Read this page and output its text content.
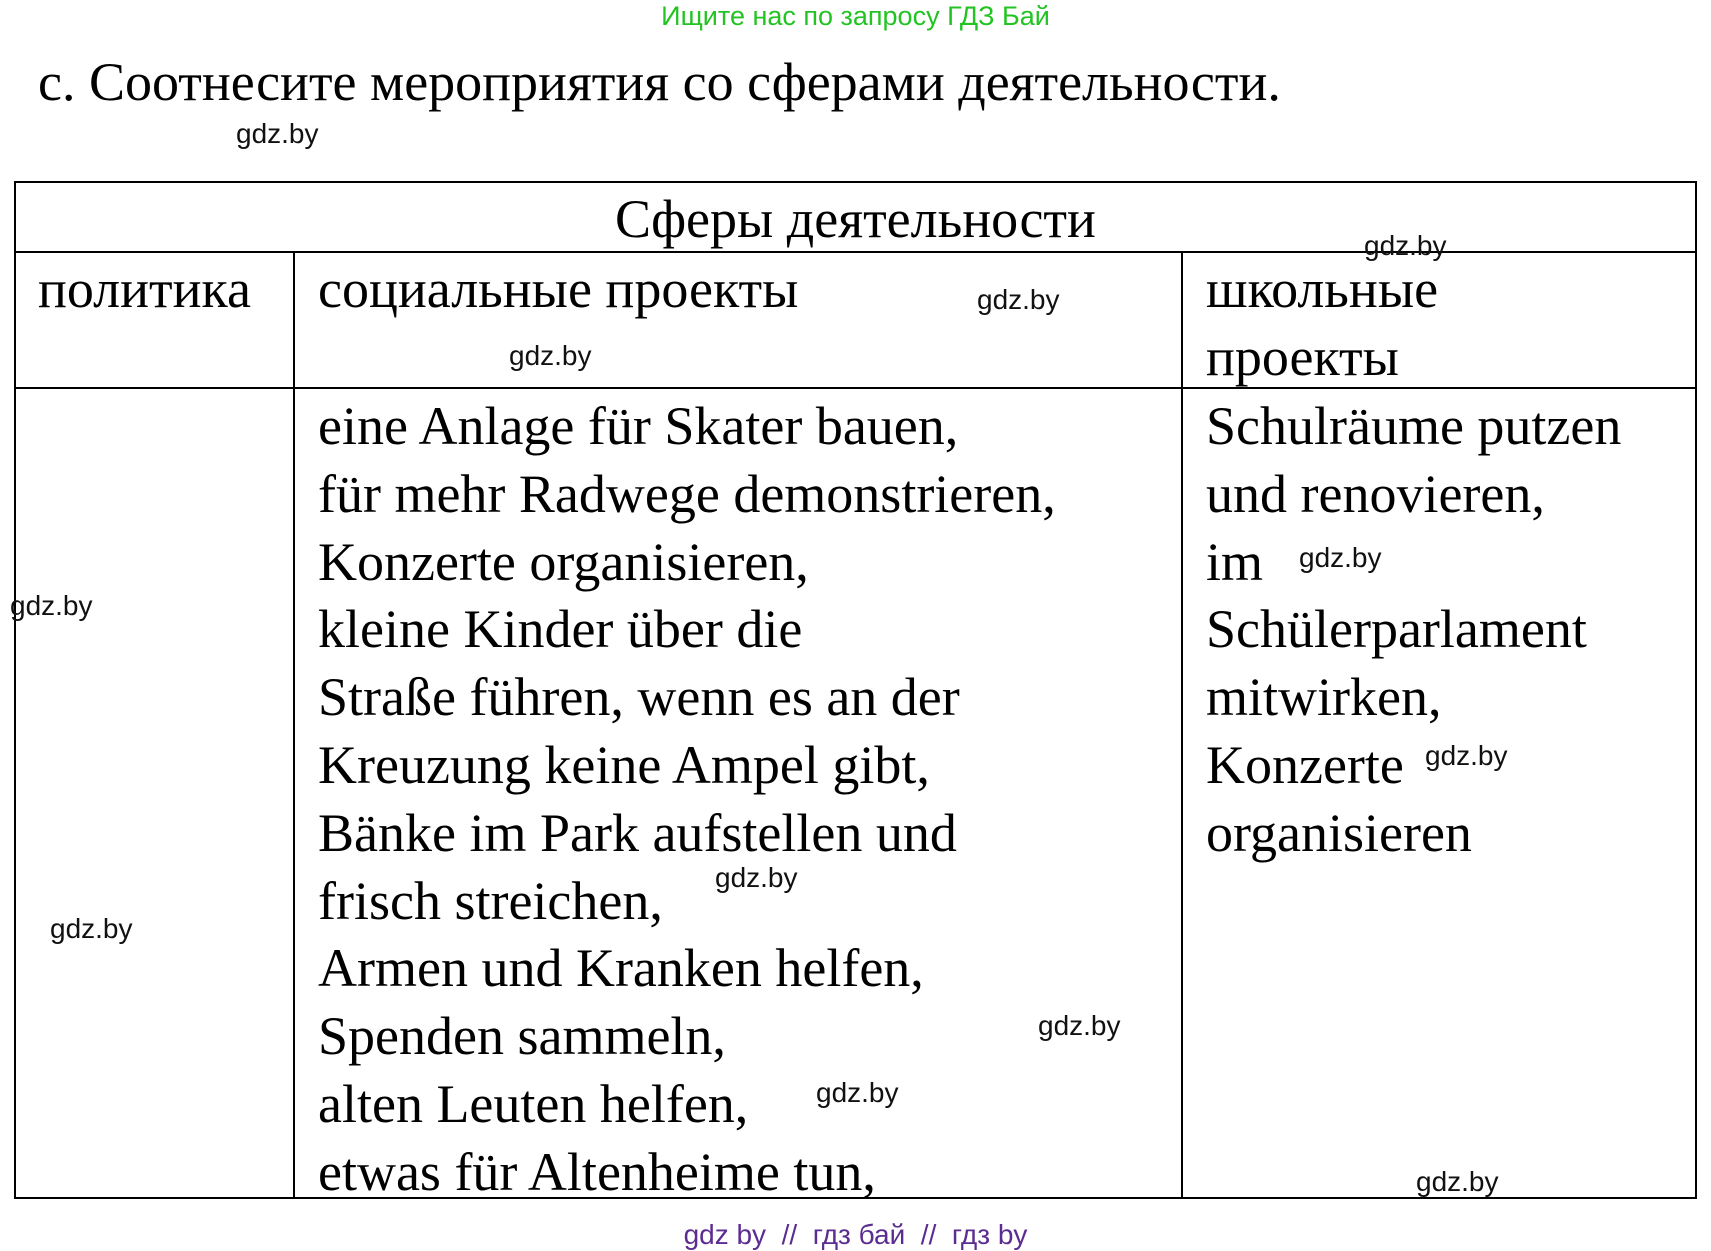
Ищите нас по запросу ГДЗ Бай
с. Соотнесите мероприятия со сферами деятельности.
Сферы деятельности
политика социальные проекты	школьные
проекты
eine Anlage für Skater bauen,
für mehr Radwege demonstrieren,
Konzerte organisieren,
kleine Kinder über die
Straße führen, wenn es an der
Kreuzung keine Ampel gibt,
Bänke im Park aufstellen und
frisch streichen,
Armen und Kranken helfen,
Spenden sammeln,
alten Leuten helfen,
etwas für Altenheime tun,
Schulräume putzen
und renovieren,
im
Schülerparlament
mitwirken,
Konzerte
organisieren
gdz.by
gdz.by
gdz.by
gdz.by
gdz.by
gdz.by
gdz.by
gdz.by
gdz.by
gdz.by
gdz.by
gdz.by
gdz by  //  гдз бай  //  гдз by
